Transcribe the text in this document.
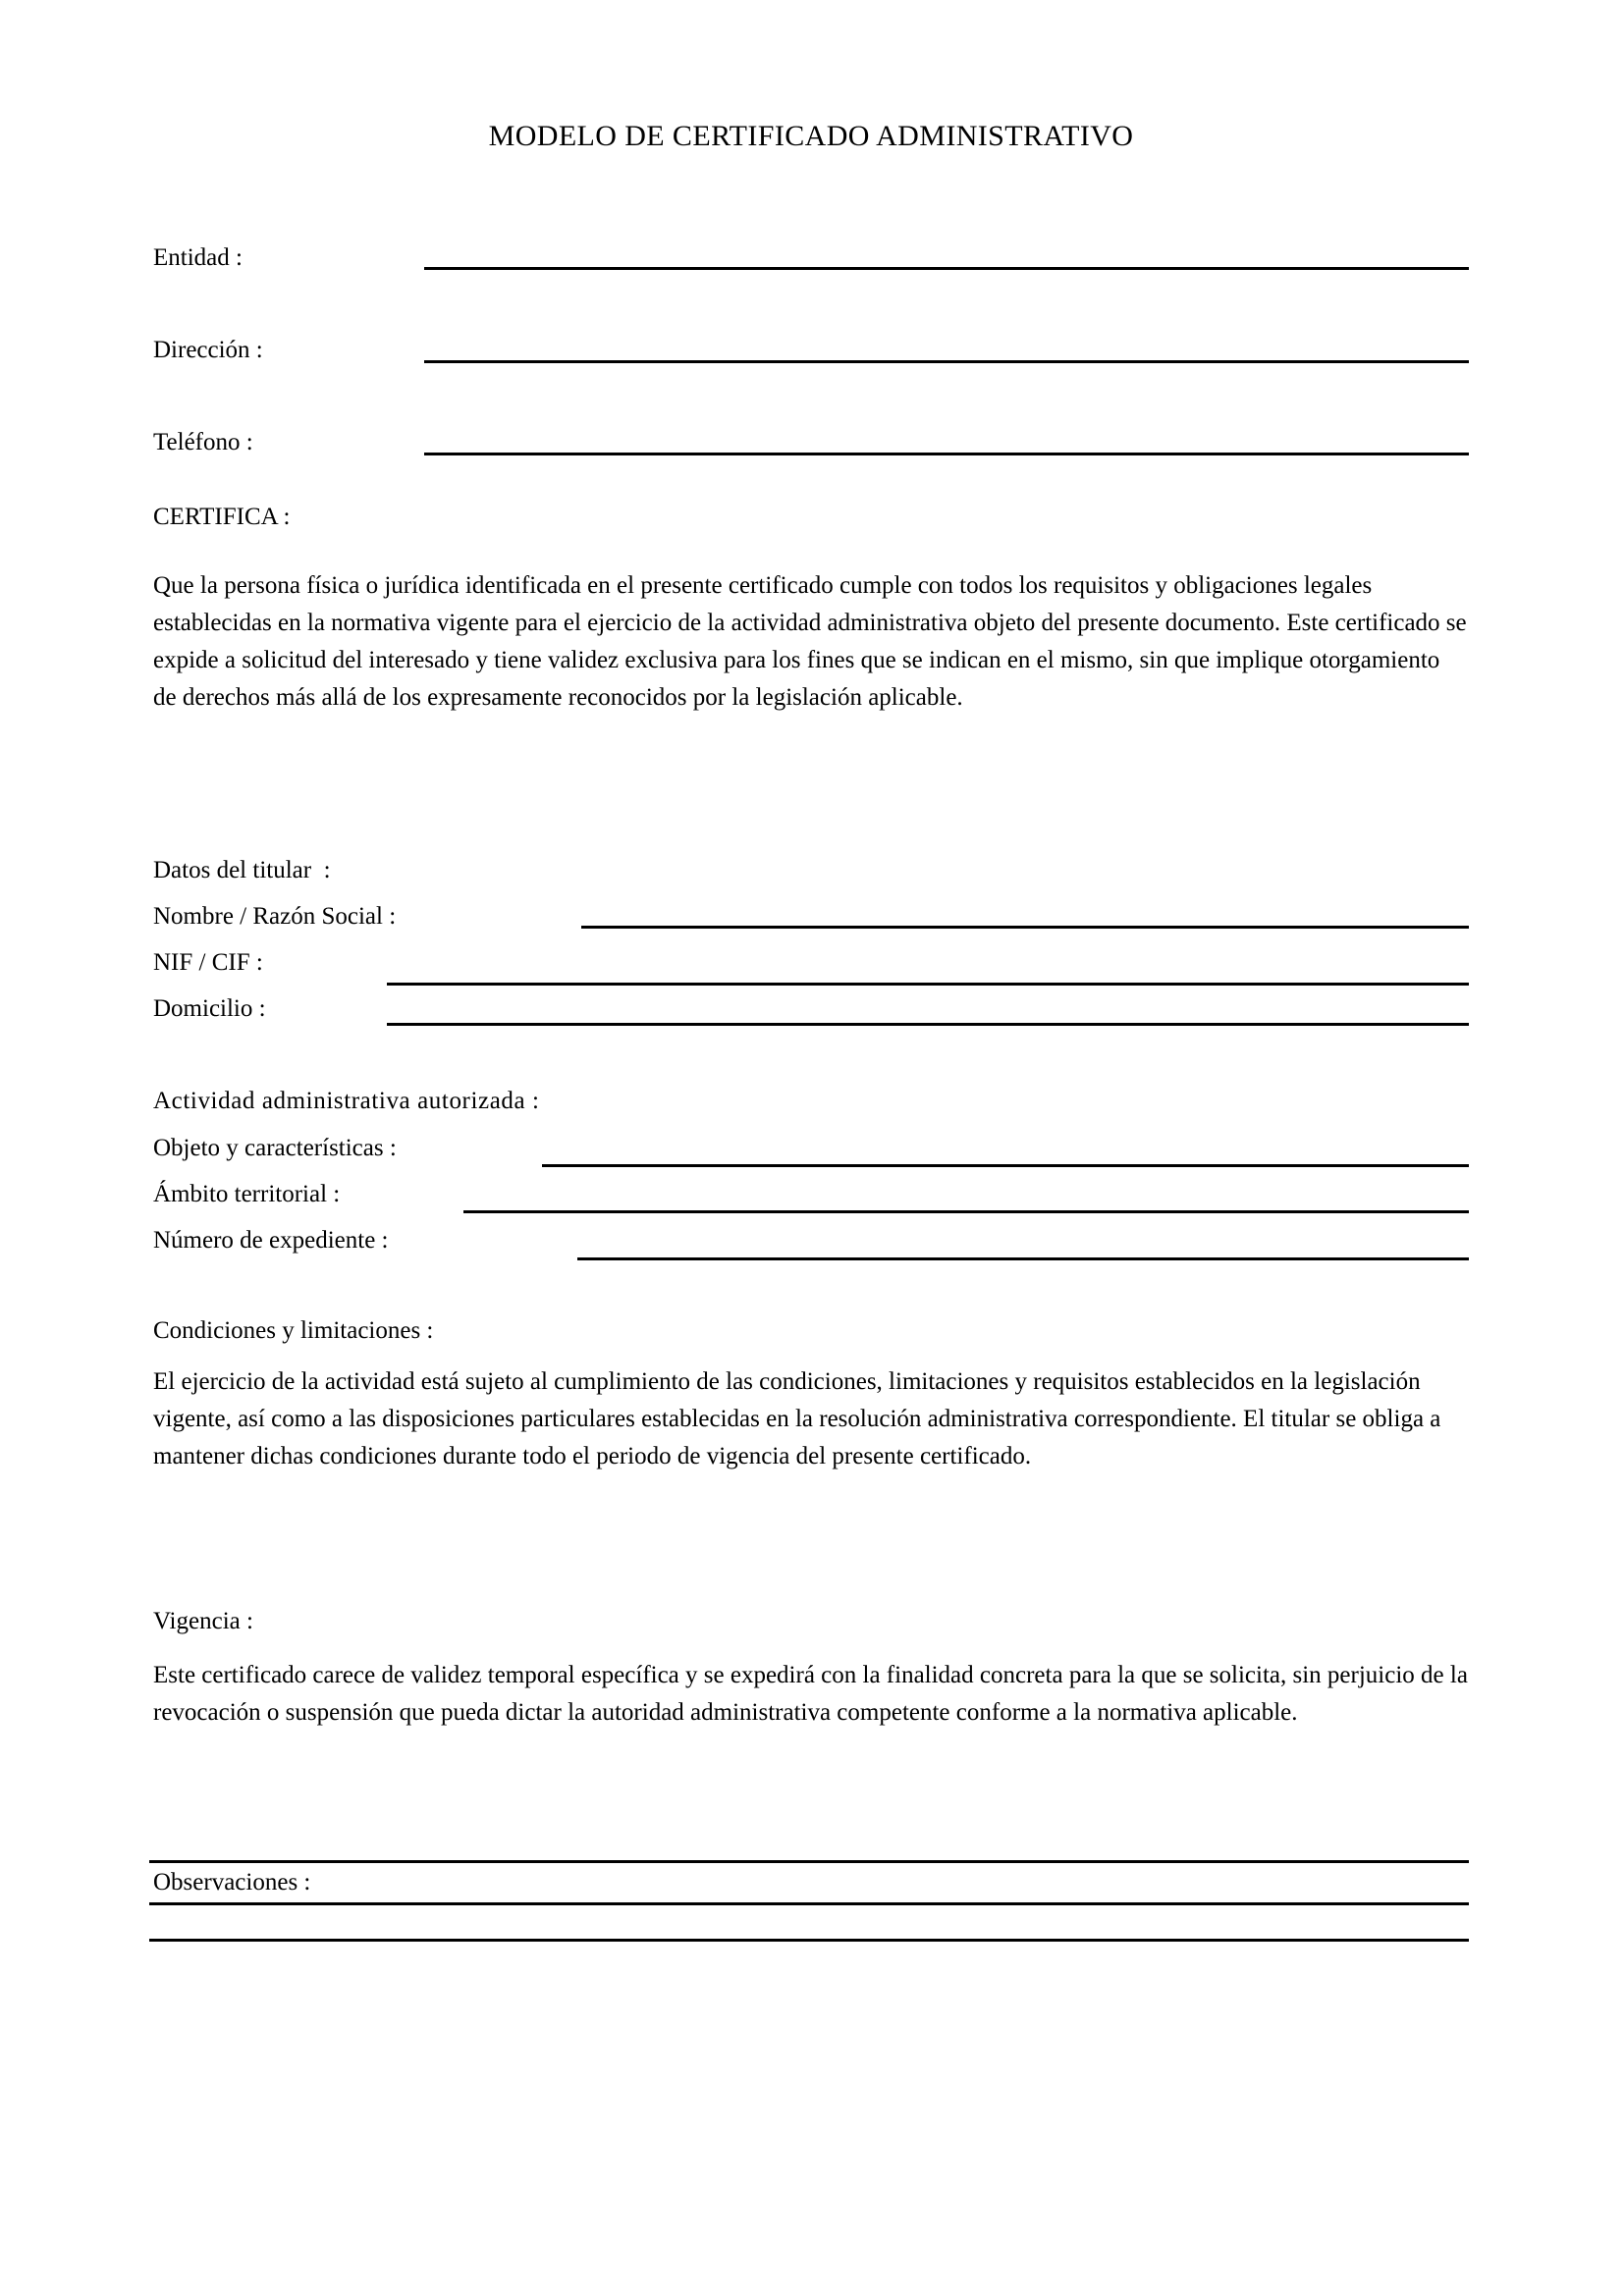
MODELO DE CERTIFICADO ADMINISTRATIVO
Entidad :
Dirección :
Teléfono :
CERTIFICA :

Que la persona física o jurídica identificada en el presente certificado cumple con todos los requisitos y obligaciones legales establecidas en la normativa vigente para el ejercicio de la actividad administrativa objeto del presente documento. Este certificado se expide a solicitud del interesado y tiene validez exclusiva para los fines que se indican en el mismo, sin que implique otorgamiento de derechos más allá de los expresamente reconocidos por la legislación aplicable.

Datos del titular  :
Nombre / Razón Social :
NIF / CIF :
Domicilio :
Actividad administrativa autorizada :
Objeto y características :
Ámbito territorial :
Número de expediente :
Condiciones y limitaciones :

El ejercicio de la actividad está sujeto al cumplimiento de las condiciones, limitaciones y requisitos establecidos en la legislación vigente, así como a las disposiciones particulares establecidas en la resolución administrativa correspondiente. El titular se obliga a mantener dichas condiciones durante todo el periodo de vigencia del presente certificado.

Vigencia :

Este certificado carece de validez temporal específica y se expedirá con la finalidad concreta para la que se solicita, sin perjuicio de la revocación o suspensión que pueda dictar la autoridad administrativa competente conforme a la normativa aplicable.

Observaciones :
